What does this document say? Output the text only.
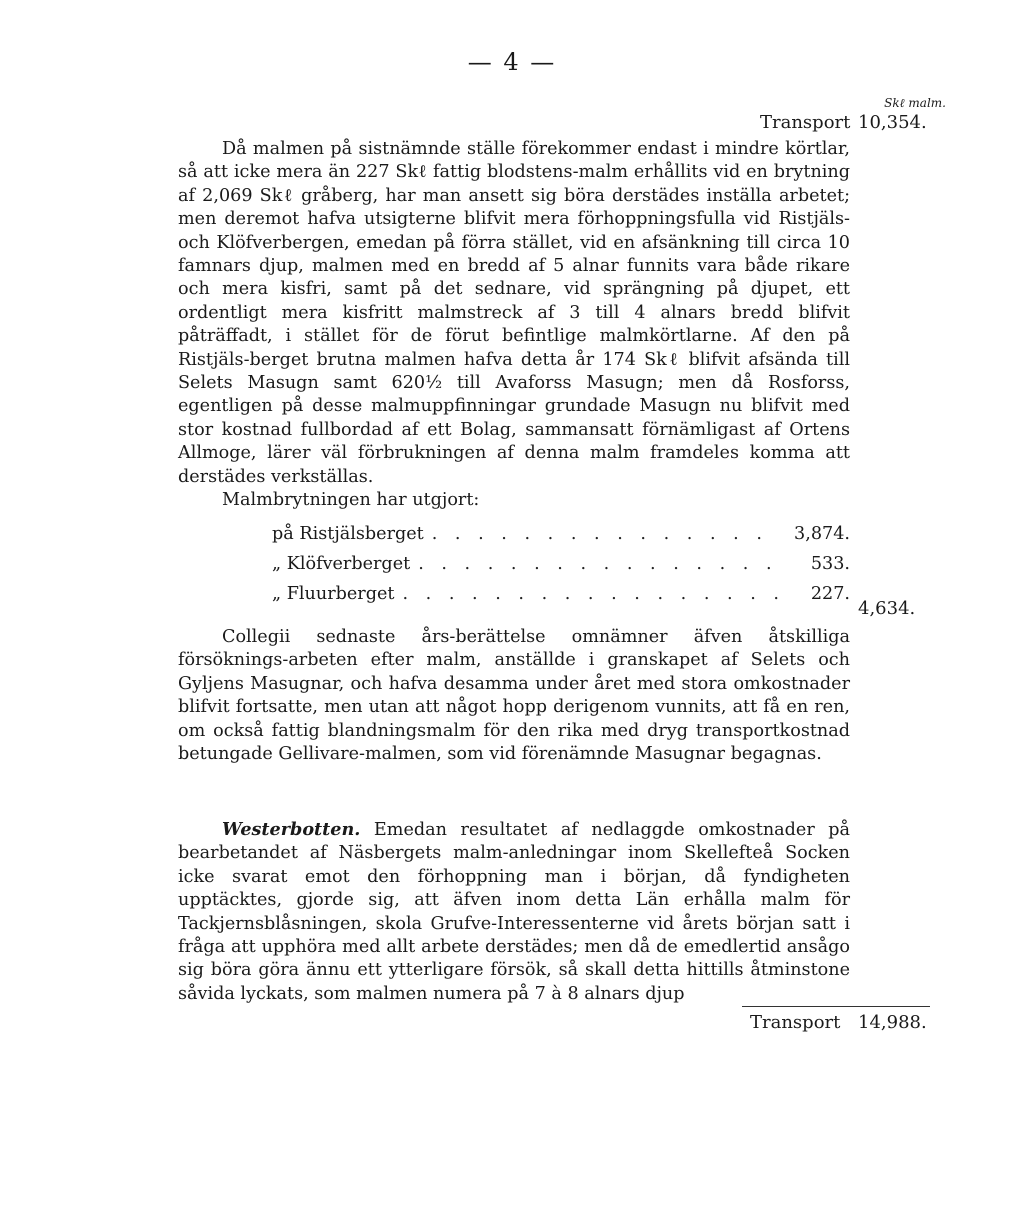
— 4 —
Skℓ malm.
Transport 10,354.
Då malmen på sistnämnde ställe förekommer endast i mindre körtlar, så att icke mera än 227 Skℓ fattig blodstens-malm erhållits vid en brytning af 2,069 Skℓ gråberg, har man ansett sig böra derstädes inställa arbetet; men deremot hafva utsigterne blifvit mera förhoppningsfulla vid Ristjäls- och Klöfverbergen, emedan på förra stället, vid en afsänkning till circa 10 famnars djup, malmen med en bredd af 5 alnar funnits vara både rikare och mera kisfri, samt på det sednare, vid sprängning på djupet, ett ordentligt mera kisfritt malmstreck af 3 till 4 alnars bredd blifvit påträffadt, i stället för de förut befintlige malmkörtlarne. Af den på Ristjäls-berget brutna malmen hafva detta år 174 Skℓ blifvit afsända till Selets Masugn samt 620½ till Avaforss Masugn; men då Rosforss, egentligen på desse malmuppfinningar grundade Masugn nu blifvit med stor kostnad fullbordad af ett Bolag, sammansatt förnämligast af Ortens Allmoge, lärer väl förbrukningen af denna malm framdeles komma att derstädes verkställas.
Malmbrytningen har utgjort:
på Ristjälsberget . . .	3,874.
„ Klöfverberget . . .	533.
„ Fluurberget . . .	227.
4,634.
Collegii sednaste års-berättelse omnämner äfven åtskilliga försöknings-arbeten efter malm, anställde i granskapet af Selets och Gyljens Masugnar, och hafva desamma under året med stora omkostnader blifvit fortsatte, men utan att något hopp derigenom vunnits, att få en ren, om också fattig blandningsmalm för den rika med dryg transportkostnad betungade Gellivare-malmen, som vid förenämnde Masugnar begagnas.
Westerbotten. Emedan resultatet af nedlaggde omkostnader på bearbetandet af Näsbergets malm-anledningar inom Skellefteå Socken icke svarat emot den förhoppning man i början, då fyndigheten upptäcktes, gjorde sig, att äfven inom detta Län erhålla malm för Tackjernsblåsningen, skola Grufve-Interessenterne vid årets början satt i fråga att upphöra med allt arbete derstädes; men då de emedlertid ansågo sig böra göra ännu ett ytterligare försök, så skall detta hittills åtminstone såvida lyckats, som malmen numera på 7 à 8 alnars djup
Transport 14,988.
